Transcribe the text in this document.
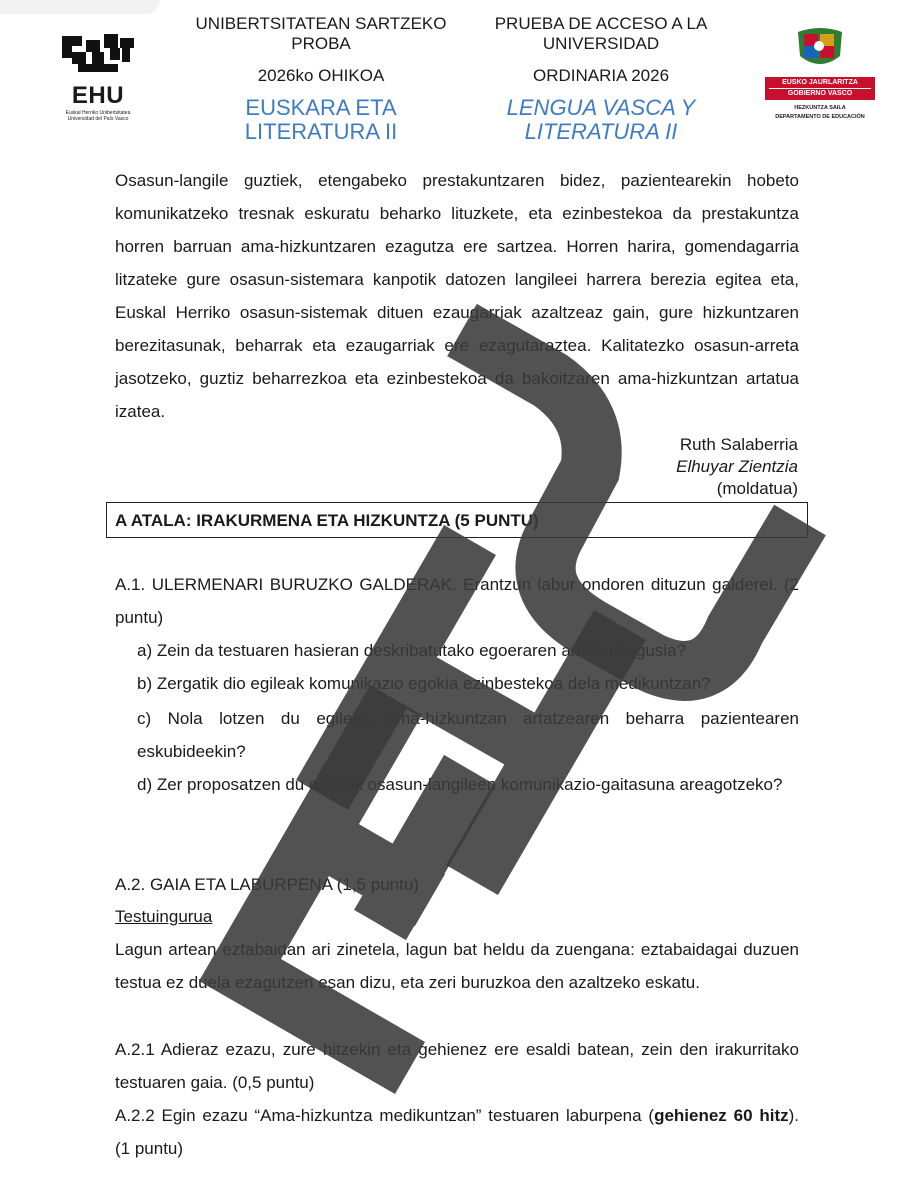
EHU
Euskal Herriko Unibertsitatea Universidad del País Vasco
UNIBERTSITATEAN SARTZEKO PROBA
2026ko OHIKOA
EUSKARA ETA LITERATURA II
PRUEBA DE ACCESO A LA UNIVERSIDAD
ORDINARIA 2026
LENGUA VASCA Y LITERATURA II
EUSKO JAURLARITZA
GOBIERNO VASCO
HEZKUNTZA SAILA
DEPARTAMENTO DE EDUCACIÓN
Osasun-langile guztiek, etengabeko prestakuntzaren bidez, pazientearekin hobeto komunikatzeko tresnak eskuratu beharko lituzkete, eta ezinbestekoa da prestakuntza horren barruan ama-hizkuntzaren ezagutza ere sartzea. Horren harira, gomendagarria litzateke gure osasun-sistemara kanpotik datozen langileei harrera berezia egitea eta, Euskal Herriko osasun-sistemak dituen ezaugarriak azaltzeaz gain, gure hizkuntzaren berezitasunak, beharrak eta ezaugarriak ere ezagutaraztea. Kalitatezko osasun-arreta jasotzeko, guztiz beharrezkoa eta ezinbestekoa da bakoitzaren ama-hizkuntzan artatua izatea.
Ruth Salaberria
Elhuyar Zientzia
(moldatua)
A ATALA: IRAKURMENA ETA HIZKUNTZA (5 PUNTU)
A.1. ULERMENARI BURUZKO GALDERAK. Erantzun labur ondoren dituzun galderei. (2 puntu)
a) Zein da testuaren hasieran deskribatutako egoeraren arrisku nagusia?
b) Zergatik dio egileak komunikazio egokia ezinbestekoa dela medikuntzan?
c) Nola lotzen du egileak ama-hizkuntzan artatzearen beharra pazientearen eskubideekin?
d) Zer proposatzen du egileak osasun-langileen komunikazio-gaitasuna areagotzeko?
A.2. GAIA ETA LABURPENA (1,5 puntu)
Testuingurua
Lagun artean eztabaidan ari zinetela, lagun bat heldu da zuengana: eztabaidagai duzuen testua ez duela ezagutzen esan dizu, eta zeri buruzkoa den azaltzeko eskatu.
A.2.1 Adieraz ezazu, zure hitzekin eta gehienez ere esaldi batean, zein den irakurritako testuaren gaia. (0,5 puntu)
A.2.2 Egin ezazu “Ama-hizkuntza medikuntzan” testuaren laburpena (gehienez 60 hitz). (1 puntu)
